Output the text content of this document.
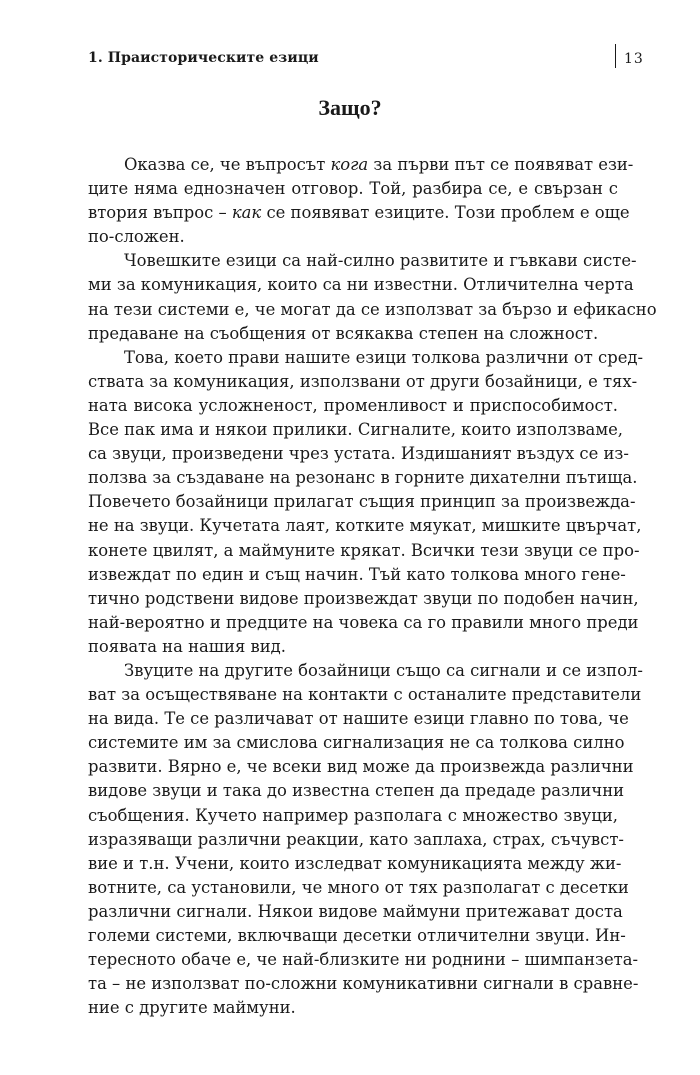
1. Праисторическите езици	13
Защо?
Оказва се, че въпросът кога за първи път се появяват ези-
ците няма еднозначен отговор. Той, разбира се, е свързан с
втория въпрос – как се появяват езиците. Този проблем е още
по-сложен.
Човешките езици са най-силно развитите и гъвкави систе-
ми за комуникация, които са ни известни. Отличителна черта
на тези системи е, че могат да се използват за бързо и ефикасно
предаване на съобщения от всякаква степен на сложност.
Това, което прави нашите езици толкова различни от сред-
ствата за комуникация, използвани от други бозайници, е тях-
ната висока усложненост, променливост и приспособимост.
Все пак има и някои прилики. Сигналите, които използваме,
са звуци, произведени чрез устата. Издишаният въздух се из-
ползва за създаване на резонанс в горните дихателни пътища.
Повечето бозайници прилагат същия принцип за произвежда-
не на звуци. Кучетата лаят, котките мяукат, мишките цвърчат,
конете цвилят, а маймуните крякат. Всички тези звуци се про-
извеждат по един и същ начин. Тъй като толкова много гене-
тично родствени видове произвеждат звуци по подобен начин,
най-вероятно и предците на човека са го правили много преди
появата на нашия вид.
Звуците на другите бозайници също са сигнали и се изпол-
ват за осъществяване на контакти с останалите представители
на вида. Те се различават от нашите езици главно по това, че
системите им за смислова сигнализация не са толкова силно
развити. Вярно е, че всеки вид може да произвежда различни
видове звуци и така до известна степен да предаде различни
съобщения. Кучето например разполага с множество звуци,
изразяващи различни реакции, като заплаха, страх, съчувст-
вие и т.н. Учени, които изследват комуникацията между жи-
вотните, са установили, че много от тях разполагат с десетки
различни сигнали. Някои видове маймуни притежават доста
големи системи, включващи десетки отличителни звуци. Ин-
тересното обаче е, че най-близките ни роднини – шимпанзета-
та – не използват по-сложни комуникативни сигнали в сравне-
ние с другите маймуни.
